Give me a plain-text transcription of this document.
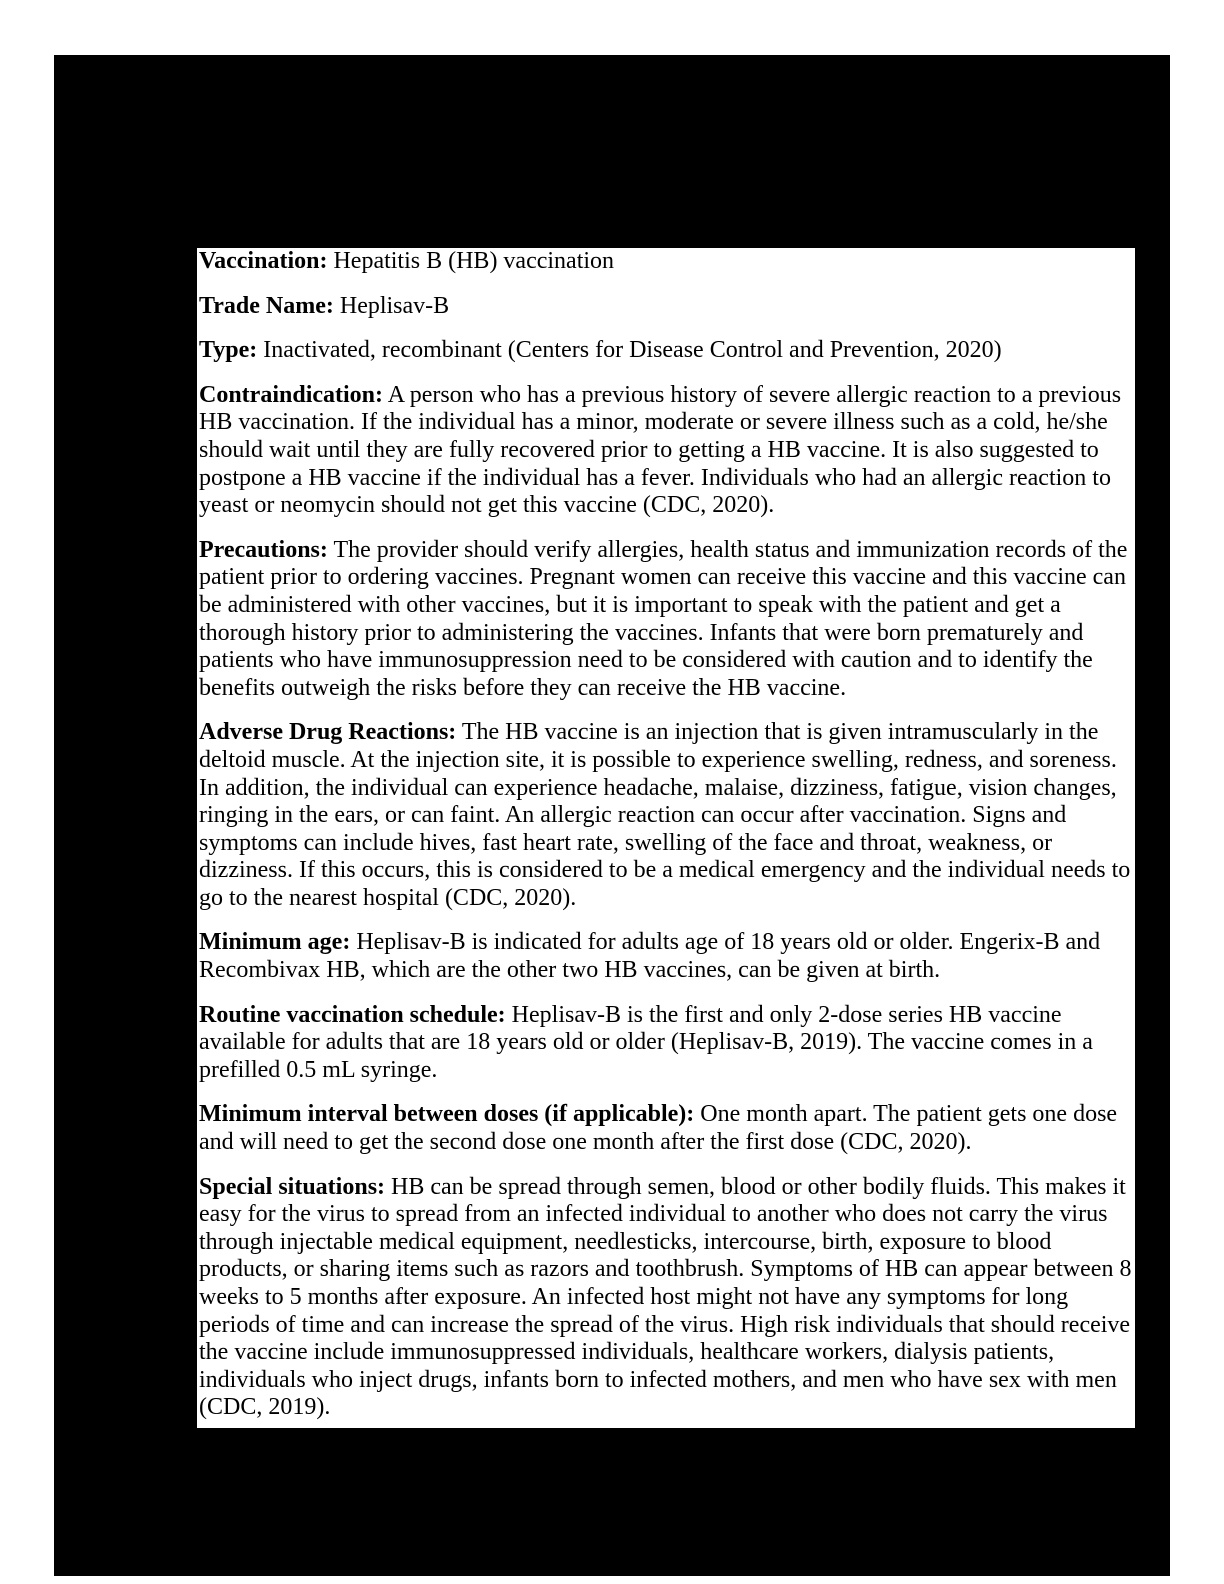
Vaccination: Hepatitis B (HB) vaccination

Trade Name: Heplisav-B

Type: Inactivated, recombinant (Centers for Disease Control and Prevention, 2020)

Contraindication: A person who has a previous history of severe allergic reaction to a previous HB vaccination. If the individual has a minor, moderate or severe illness such as a cold, he/she should wait until they are fully recovered prior to getting a HB vaccine. It is also suggested to postpone a HB vaccine if the individual has a fever. Individuals who had an allergic reaction to yeast or neomycin should not get this vaccine (CDC, 2020).

Precautions: The provider should verify allergies, health status and immunization records of the patient prior to ordering vaccines. Pregnant women can receive this vaccine and this vaccine can be administered with other vaccines, but it is important to speak with the patient and get a thorough history prior to administering the vaccines. Infants that were born prematurely and patients who have immunosuppression need to be considered with caution and to identify the benefits outweigh the risks before they can receive the HB vaccine.

Adverse Drug Reactions: The HB vaccine is an injection that is given intramuscularly in the deltoid muscle. At the injection site, it is possible to experience swelling, redness, and soreness. In addition, the individual can experience headache, malaise, dizziness, fatigue, vision changes, ringing in the ears, or can faint. An allergic reaction can occur after vaccination. Signs and symptoms can include hives, fast heart rate, swelling of the face and throat, weakness, or dizziness. If this occurs, this is considered to be a medical emergency and the individual needs to go to the nearest hospital (CDC, 2020).

Minimum age: Heplisav-B is indicated for adults age of 18 years old or older. Engerix-B and Recombivax HB, which are the other two HB vaccines, can be given at birth.

Routine vaccination schedule: Heplisav-B is the first and only 2-dose series HB vaccine available for adults that are 18 years old or older (Heplisav-B, 2019). The vaccine comes in a prefilled 0.5 mL syringe.

Minimum interval between doses (if applicable): One month apart. The patient gets one dose and will need to get the second dose one month after the first dose (CDC, 2020).

Special situations: HB can be spread through semen, blood or other bodily fluids. This makes it easy for the virus to spread from an infected individual to another who does not carry the virus through injectable medical equipment, needlesticks, intercourse, birth, exposure to blood products, or sharing items such as razors and toothbrush. Symptoms of HB can appear between 8 weeks to 5 months after exposure. An infected host might not have any symptoms for long periods of time and can increase the spread of the virus. High risk individuals that should receive the vaccine include immunosuppressed individuals, healthcare workers, dialysis patients, individuals who inject drugs, infants born to infected mothers, and men who have sex with men (CDC, 2019).
